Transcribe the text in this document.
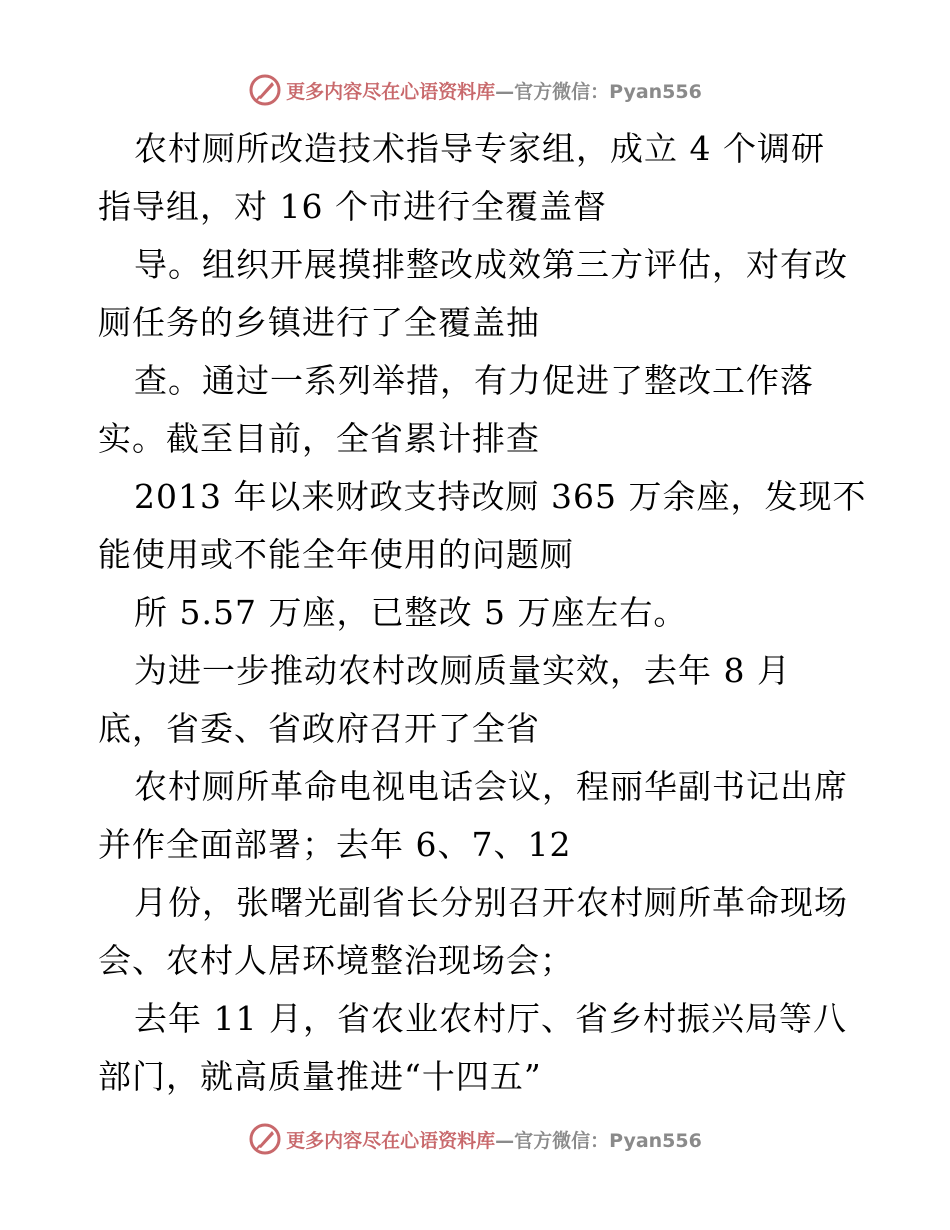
更多内容尽在心语资料库—官方微信：Pyan556
农村厕所改造技术指导专家组，成立 4 个调研
指导组，对 16 个市进行全覆盖督
导。组织开展摸排整改成效第三方评估，对有改
厕任务的乡镇进行了全覆盖抽
查。通过一系列举措，有力促进了整改工作落
实。截至目前，全省累计排查
2013 年以来财政支持改厕 365 万余座，发现不
能使用或不能全年使用的问题厕
所 5.57 万座，已整改 5 万座左右。
为进一步推动农村改厕质量实效，去年 8 月
底，省委、省政府召开了全省
农村厕所革命电视电话会议，程丽华副书记出席
并作全面部署；去年 6、7、12
月份，张曙光副省长分别召开农村厕所革命现场
会、农村人居环境整治现场会；
去年 11 月，省农业农村厅、省乡村振兴局等八
部门，就高质量推进“十四五”
更多内容尽在心语资料库—官方微信：Pyan556
